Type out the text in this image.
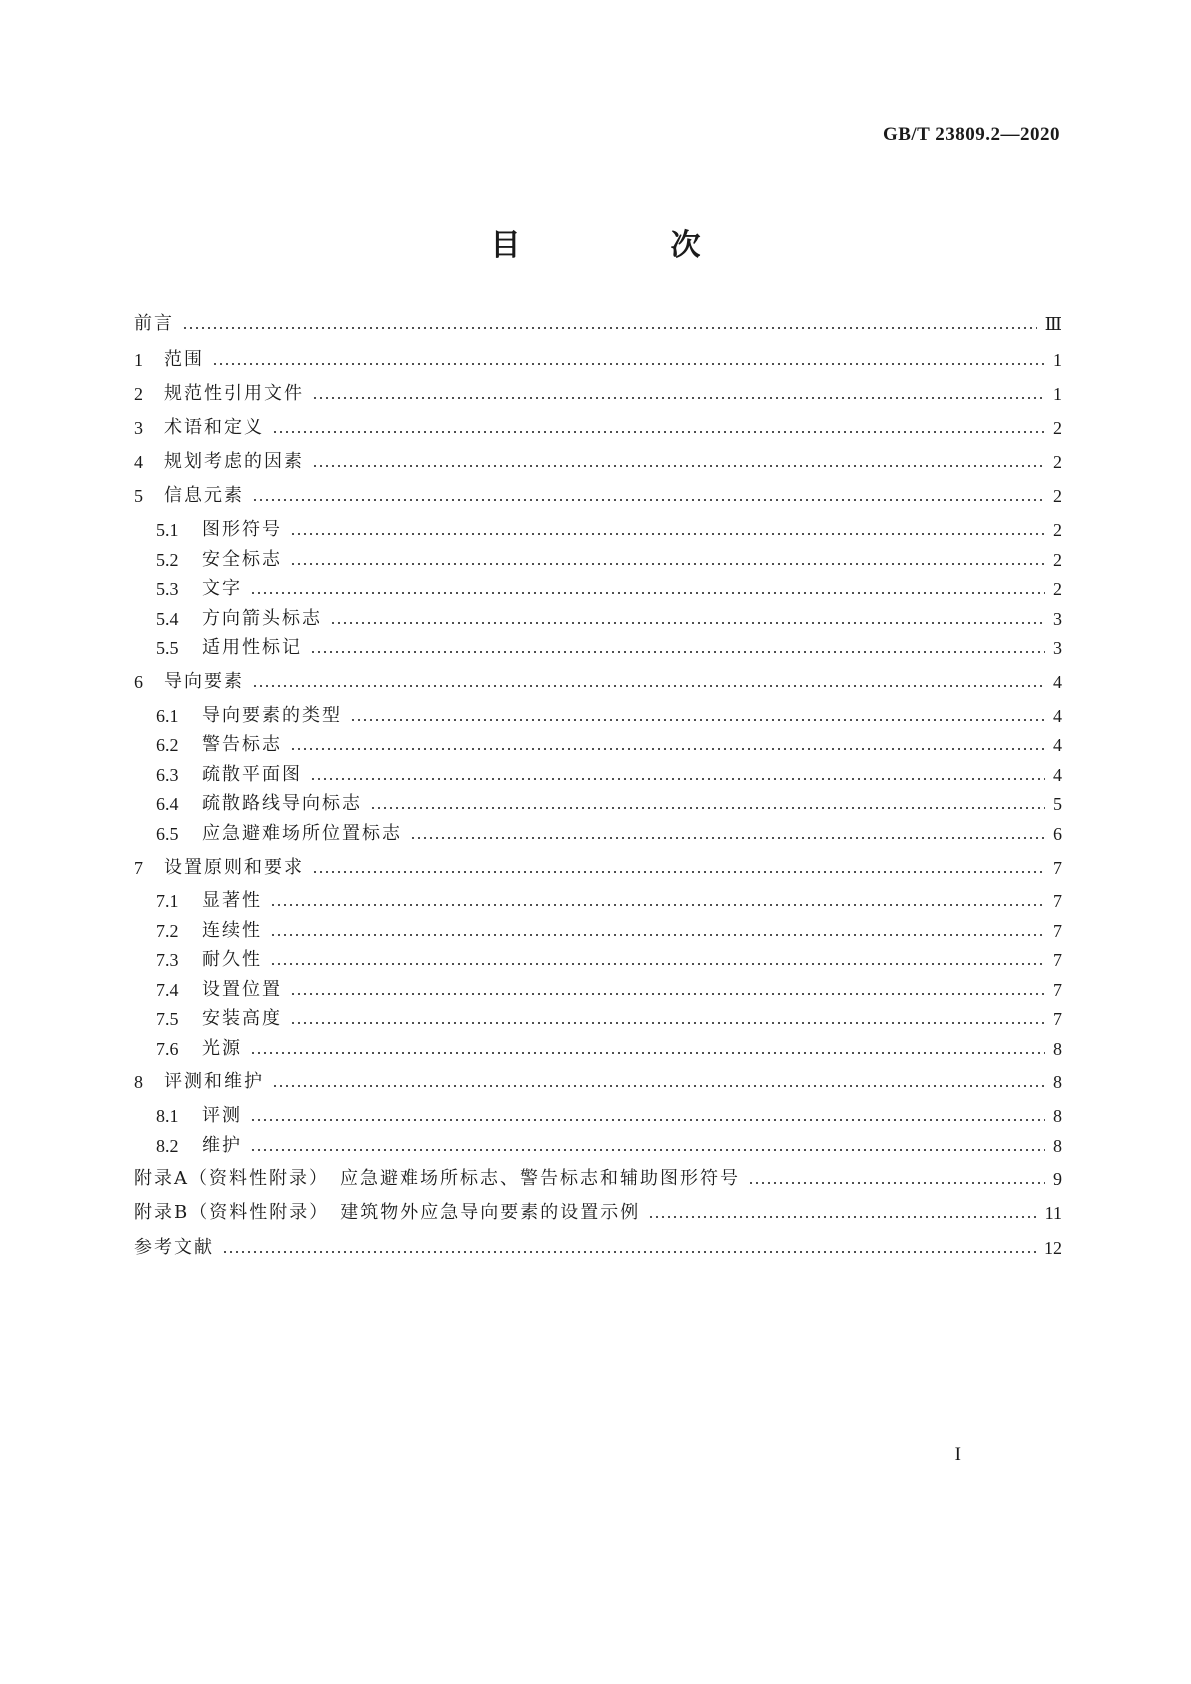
GB/T 23809.2—2020
目　次
前言	Ⅲ
1	范围	1
2	规范性引用文件	1
3	术语和定义	2
4	规划考虑的因素	2
5	信息元素	2
5.1	图形符号	2
5.2	安全标志	2
5.3	文字	2
5.4	方向箭头标志	3
5.5	适用性标记	3
6	导向要素	4
6.1	导向要素的类型	4
6.2	警告标志	4
6.3	疏散平面图	4
6.4	疏散路线导向标志	5
6.5	应急避难场所位置标志	6
7	设置原则和要求	7
7.1	显著性	7
7.2	连续性	7
7.3	耐久性	7
7.4	设置位置	7
7.5	安装高度	7
7.6	光源	8
8	评测和维护	8
8.1	评测	8
8.2	维护	8
附录A（资料性附录）　应急避难场所标志、警告标志和辅助图形符号	9
附录B（资料性附录）　建筑物外应急导向要素的设置示例	11
参考文献	12
I
